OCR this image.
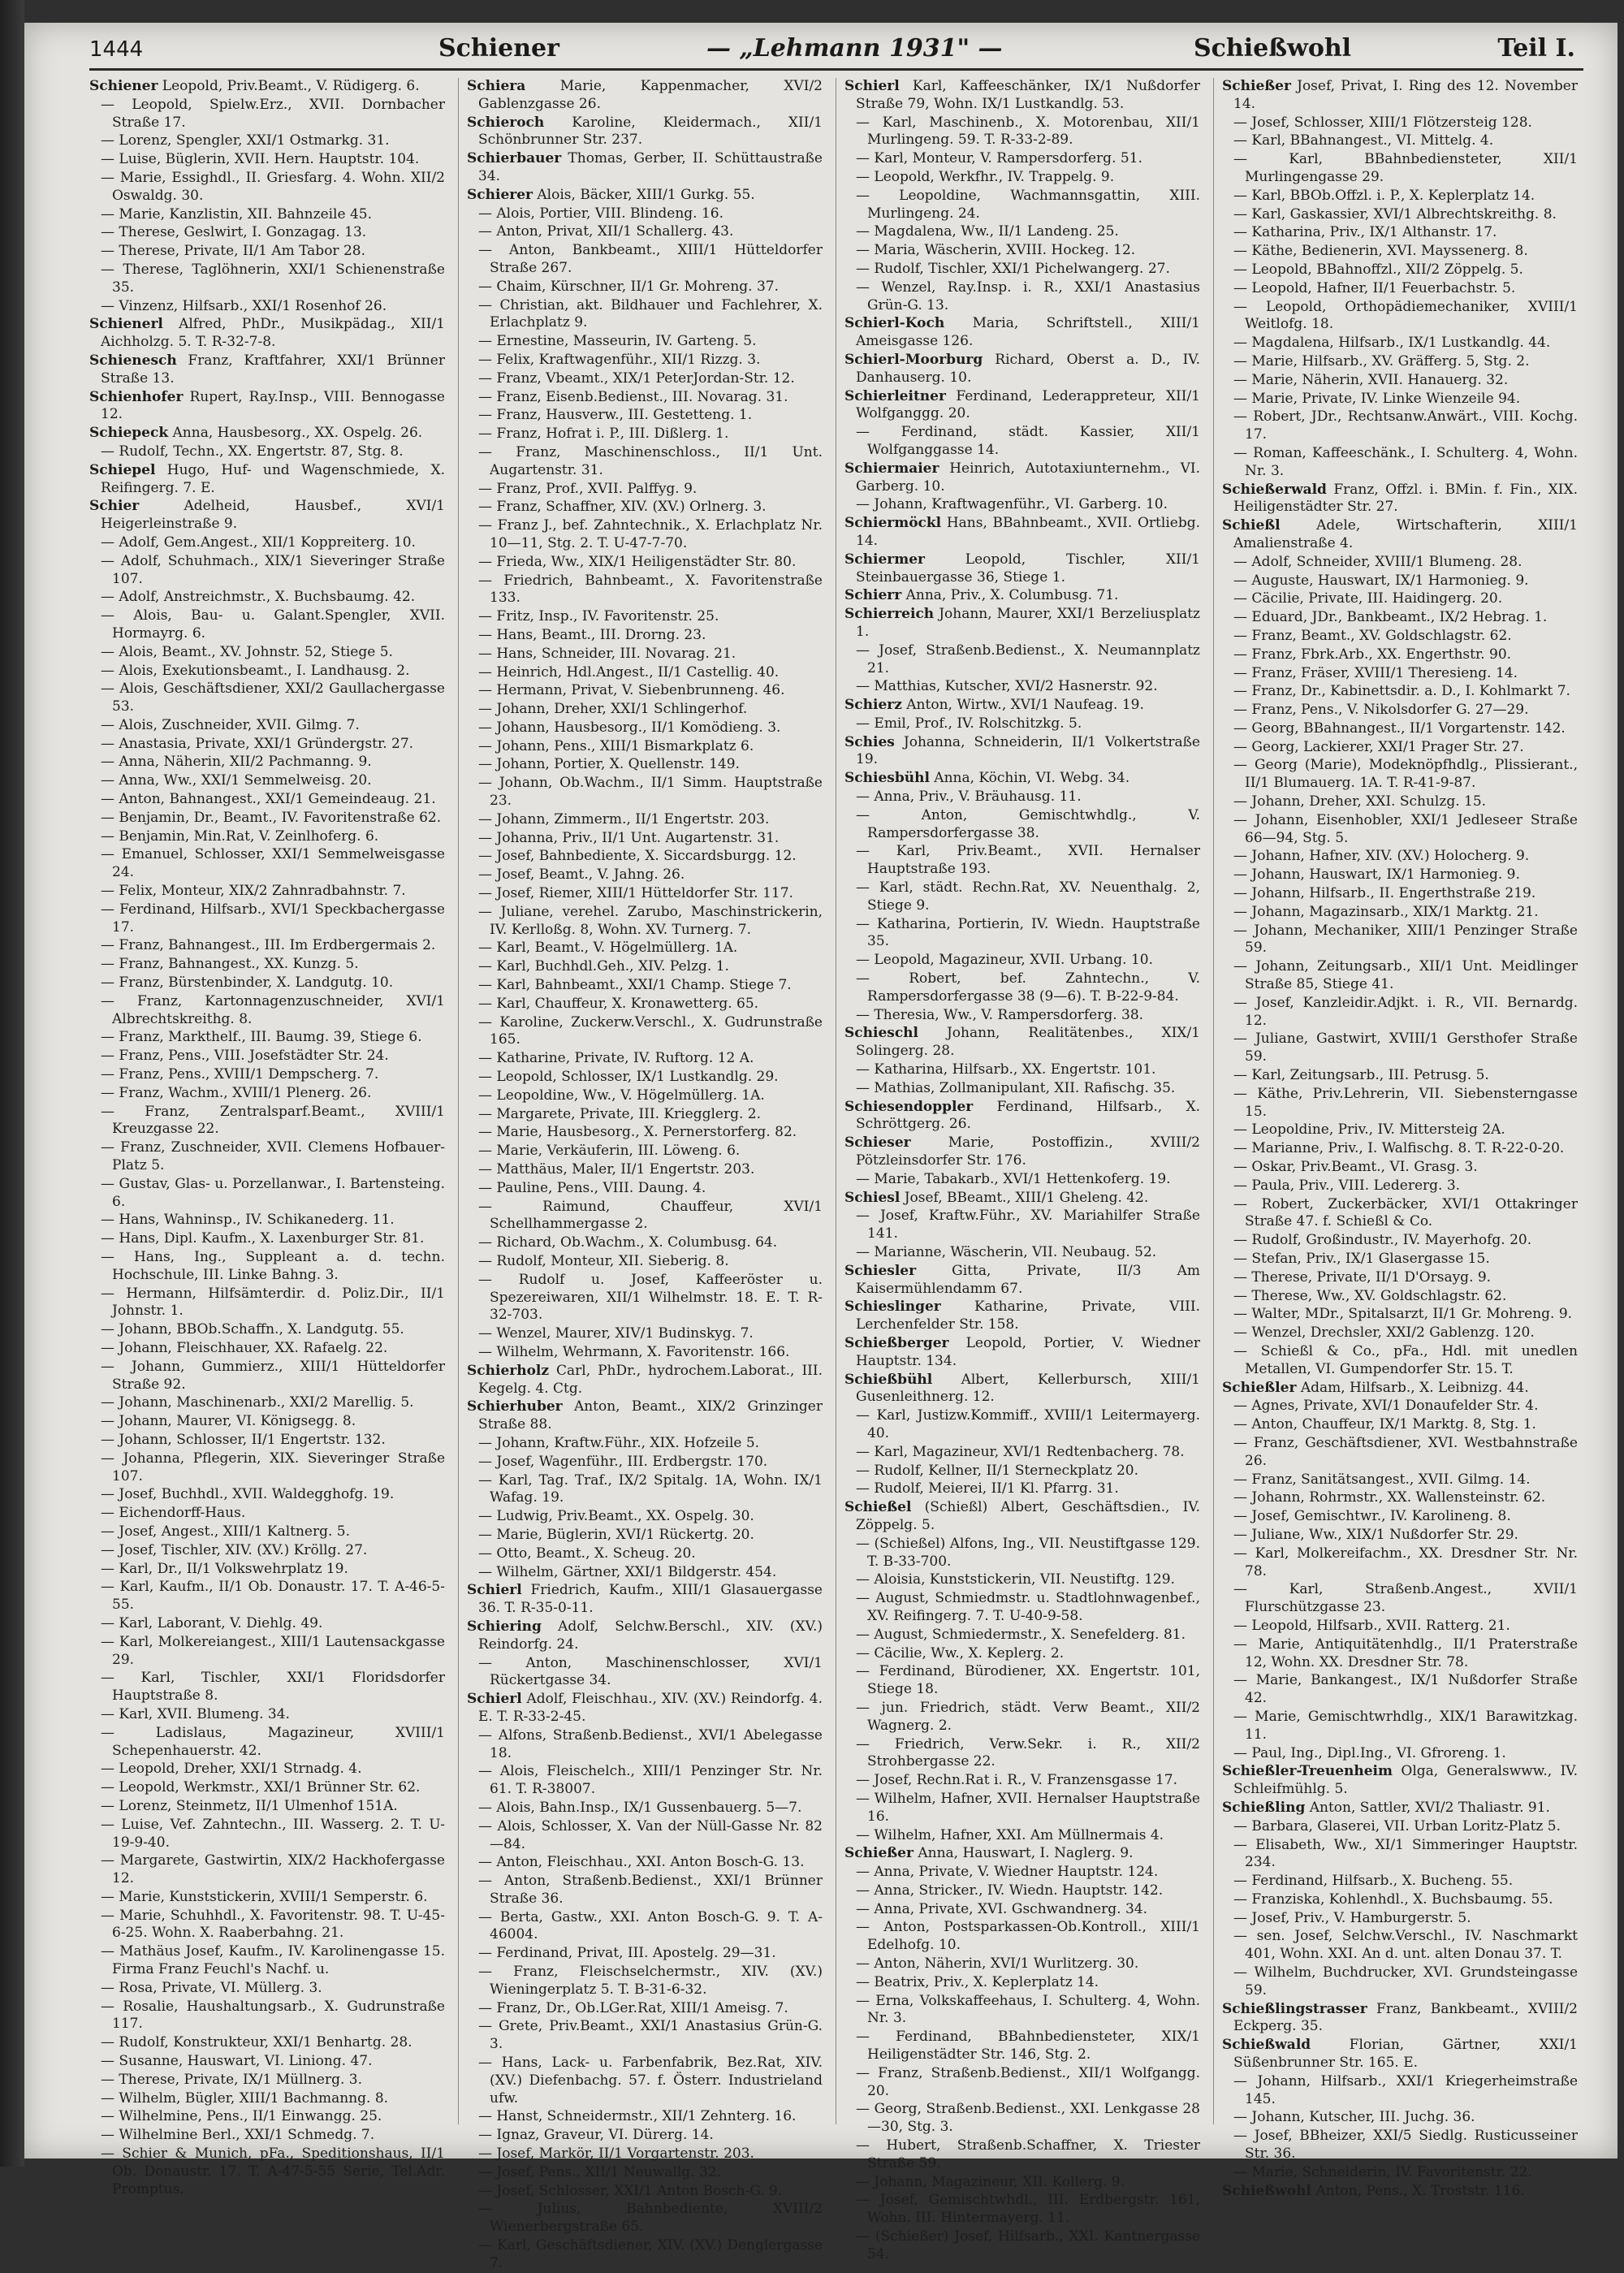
1444	Schiener	— „Lehmann 1931" —	Schießwohl	Teil I.
Schiener Leopold, Priv.Beamt., V. Rüdigerg. 6.
— Leopold, Spielw.Erz., XVII. Dornbacher Straße 17.
— Lorenz, Spengler, XXI/1 Ostmarkg. 31.
— Luise, Büglerin, XVII. Hern. Hauptstr. 104.
— Marie, Essighdl., II. Griesfarg. 4. Wohn. XII/2 Oswaldg. 30.
— Marie, Kanzlistin, XII. Bahnzeile 45.
— Therese, Geslwirt, I. Gonzagag. 13.
— Therese, Private, II/1 Am Tabor 28.
— Therese, Taglöhnerin, XXI/1 Schienenstraße 35.
— Vinzenz, Hilfsarb., XXI/1 Rosenhof 26.
Schienerl Alfred, PhDr., Musikpädag., XII/1 Aichholzg. 5. T. R-32-7-8.
Schienesch Franz, Kraftfahrer, XXI/1 Brünner Straße 13.
Schienhofer Rupert, Ray.Insp., VIII. Bennogasse 12.
Schiepeck Anna, Hausbesorg., XX. Ospelg. 26.
— Rudolf, Techn., XX. Engertstr. 87, Stg. 8.
Schiepel Hugo, Huf- und Wagenschmiede, X. Reifingerg. 7. E.
Schier Adelheid, Hausbef., XVI/1 Heigerleinstraße 9.
— Adolf, Gem.Angest., XII/1 Koppreiterg. 10.
— Adolf, Schuhmach., XIX/1 Sieveringer Straße 107.
— Adolf, Anstreichmstr., X. Buchsbaumg. 42.
— Alois, Bau- u. Galant.Spengler, XVII. Hormayrg. 6.
— Alois, Beamt., XV. Johnstr. 52, Stiege 5.
— Alois, Exekutionsbeamt., I. Landhausg. 2.
— Alois, Geschäftsdiener, XXI/2 Gaullachergasse 53.
— Alois, Zuschneider, XVII. Gilmg. 7.
— Anastasia, Private, XXI/1 Gründergstr. 27.
— Anna, Näherin, XII/2 Pachmanng. 9.
— Anna, Ww., XXI/1 Semmelweisg. 20.
— Anton, Bahnangest., XXI/1 Gemeindeaug. 21.
— Benjamin, Dr., Beamt., IV. Favoritenstraße 62.
— Benjamin, Min.Rat, V. Zeinlhoferg. 6.
— Emanuel, Schlosser, XXI/1 Semmelweisgasse 24.
— Felix, Monteur, XIX/2 Zahnradbahnstr. 7.
— Ferdinand, Hilfsarb., XVI/1 Speckbachergasse 17.
— Franz, Bahnangest., III. Im Erdbergermais 2.
— Franz, Bahnangest., XX. Kunzg. 5.
— Franz, Bürstenbinder, X. Landgutg. 10.
— Franz, Kartonnagenzuschneider, XVI/1 Albrechtskreithg. 8.
— Franz, Markthelf., III. Baumg. 39, Stiege 6.
— Franz, Pens., VIII. Josefstädter Str. 24.
— Franz, Pens., XVIII/1 Dempscherg. 7.
— Franz, Wachm., XVIII/1 Plenerg. 26.
— Franz, Zentralsparf.Beamt., XVIII/1 Kreuzgasse 22.
— Franz, Zuschneider, XVII. Clemens Hofbauer-Platz 5.
— Gustav, Glas- u. Porzellanwar., I. Bartensteing. 6.
— Hans, Wahninsp., IV. Schikanederg. 11.
— Hans, Dipl. Kaufm., X. Laxenburger Str. 81.
— Hans, Ing., Suppleant a. d. techn. Hochschule, III. Linke Bahng. 3.
— Hermann, Hilfsämterdir. d. Poliz.Dir., II/1 Johnstr. 1.
— Johann, BBOb.Schaffn., X. Landgutg. 55.
— Johann, Fleischhauer, XX. Rafaelg. 22.
— Johann, Gummierz., XIII/1 Hütteldorfer Straße 92.
— Johann, Maschinenarb., XXI/2 Marellig. 5.
— Johann, Maurer, VI. Königsegg. 8.
— Johann, Schlosser, II/1 Engertstr. 132.
— Johanna, Pflegerin, XIX. Sieveringer Straße 107.
— Josef, Buchhdl., XVII. Waldegghofg. 19.
— Eichendorff-Haus.
— Josef, Angest., XIII/1 Kaltnerg. 5.
— Josef, Tischler, XIV. (XV.) Kröllg. 27.
— Karl, Dr., II/1 Volkswehrplatz 19.
— Karl, Kaufm., II/1 Ob. Donaustr. 17. T. A-46-5-55.
— Karl, Laborant, V. Diehlg. 49.
— Karl, Molkereiangest., XIII/1 Lautensackgasse 29.
— Karl, Tischler, XXI/1 Floridsdorfer Hauptstraße 8.
— Karl, XVII. Blumeng. 34.
— Ladislaus, Magazineur, XVIII/1 Schepenhauerstr. 42.
— Leopold, Dreher, XXI/1 Strnadg. 4.
— Leopold, Werkmstr., XXI/1 Brünner Str. 62.
— Lorenz, Steinmetz, II/1 Ulmenhof 151A.
— Luise, Vef. Zahntechn., III. Wasserg. 2. T. U-19-9-40.
— Margarete, Gastwirtin, XIX/2 Hackhofergasse 12.
— Marie, Kunststickerin, XVIII/1 Semperstr. 6.
— Marie, Schuhhdl., X. Favoritenstr. 98. T. U-45-6-25. Wohn. X. Raaberbahng. 21.
— Mathäus Josef, Kaufm., IV. Karolinengasse 15. Firma Franz Feuchl's Nachf. u.
— Rosa, Private, VI. Müllerg. 3.
— Rosalie, Haushaltungsarb., X. Gudrunstraße 117.
— Rudolf, Konstrukteur, XXI/1 Benhartg. 28.
— Susanne, Hauswart, VI. Liniong. 47.
— Therese, Private, IX/1 Müllnerg. 3.
— Wilhelm, Bügler, XIII/1 Bachmanng. 8.
— Wilhelmine, Pens., II/1 Einwangg. 25.
— Wilhelmine Berl., XXI/1 Schmedg. 7.
— Schier & Munich, pFa., Speditionshaus, II/1 Ob. Donaustr. 17. T. A-47-5-55 Serie, Tel.Adr. Promptus.
Schiera Marie, Kappenmacher, XVI/2 Gablenzgasse 26.
Schieroch Karoline, Kleidermach., XII/1 Schönbrunner Str. 237.
Schierbauer Thomas, Gerber, II. Schüttaustraße 34.
Schierer Alois, Bäcker, XIII/1 Gurkg. 55.
— Alois, Portier, VIII. Blindeng. 16.
— Anton, Privat, XII/1 Schallerg. 43.
— Anton, Bankbeamt., XIII/1 Hütteldorfer Straße 267.
— Chaim, Kürschner, II/1 Gr. Mohreng. 37.
— Christian, akt. Bildhauer und Fachlehrer, X. Erlachplatz 9.
— Ernestine, Masseurin, IV. Garteng. 5.
— Felix, Kraftwagenführ., XII/1 Rizzg. 3.
— Franz, Vbeamt., XIX/1 PeterJordan-Str. 12.
— Franz, Eisenb.Bedienst., III. Novarag. 31.
— Franz, Hausverw., III. Gestetteng. 1.
— Franz, Hofrat i. P., III. Dißlerg. 1.
— Franz, Maschinenschloss., II/1 Unt. Augartenstr. 31.
— Franz, Prof., XVII. Palffyg. 9.
— Franz, Schaffner, XIV. (XV.) Orlnerg. 3.
— Franz J., bef. Zahntechnik., X. Erlachplatz Nr. 10—11, Stg. 2. T. U-47-7-70.
— Frieda, Ww., XIX/1 Heiligenstädter Str. 80.
— Friedrich, Bahnbeamt., X. Favoritenstraße 133.
— Fritz, Insp., IV. Favoritenstr. 25.
— Hans, Beamt., III. Drorng. 23.
— Hans, Schneider, III. Novarag. 21.
— Heinrich, Hdl.Angest., II/1 Castellig. 40.
— Hermann, Privat, V. Siebenbrunneng. 46.
— Johann, Dreher, XXI/1 Schlingerhof.
— Johann, Hausbesorg., II/1 Komödieng. 3.
— Johann, Pens., XIII/1 Bismarkplatz 6.
— Johann, Portier, X. Quellenstr. 149.
— Johann, Ob.Wachm., II/1 Simm. Hauptstraße 23.
— Johann, Zimmerm., II/1 Engertstr. 203.
— Johanna, Priv., II/1 Unt. Augartenstr. 31.
— Josef, Bahnbediente, X. Siccardsburgg. 12.
— Josef, Beamt., V. Jahng. 26.
— Josef, Riemer, XIII/1 Hütteldorfer Str. 117.
— Juliane, verehel. Zarubo, Maschinstrickerin, IV. Kerlloßg. 8, Wohn. XV. Turnerg. 7.
— Karl, Beamt., V. Högelmüllerg. 1A.
— Karl, Buchhdl.Geh., XIV. Pelzg. 1.
— Karl, Bahnbeamt., XXI/1 Champ. Stiege 7.
— Karl, Chauffeur, X. Kronawetterg. 65.
— Karoline, Zuckerw.Verschl., X. Gudrunstraße 165.
— Katharine, Private, IV. Ruftorg. 12 A.
— Leopold, Schlosser, IX/1 Lustkandlg. 29.
— Leopoldine, Ww., V. Högelmüllerg. 1A.
— Margarete, Private, III. Kriegglerg. 2.
— Marie, Hausbesorg., X. Pernerstorferg. 82.
— Marie, Verkäuferin, III. Löweng. 6.
— Matthäus, Maler, II/1 Engertstr. 203.
— Pauline, Pens., VIII. Daung. 4.
— Raimund, Chauffeur, XVI/1 Schellhammergasse 2.
— Richard, Ob.Wachm., X. Columbusg. 64.
— Rudolf, Monteur, XII. Sieberig. 8.
— Rudolf u. Josef, Kaffeeröster u. Spezereiwaren, XII/1 Wilhelmstr. 18. E. T. R-32-703.
— Wenzel, Maurer, XIV/1 Budinskyg. 7.
— Wilhelm, Wehrmann, X. Favoritenstr. 166.
Schierholz Carl, PhDr., hydrochem.Laborat., III. Kegelg. 4. Ctg.
Schierhuber Anton, Beamt., XIX/2 Grinzinger Straße 88.
— Johann, Kraftw.Führ., XIX. Hofzeile 5.
— Josef, Wagenführ., III. Erdbergstr. 170.
— Karl, Tag. Traf., IX/2 Spitalg. 1A, Wohn. IX/1 Wafag. 19.
— Ludwig, Priv.Beamt., XX. Ospelg. 30.
— Marie, Büglerin, XVI/1 Rückertg. 20.
— Otto, Beamt., X. Scheug. 20.
— Wilhelm, Gärtner, XXI/1 Bildgerstr. 454.
Schierl Friedrich, Kaufm., XIII/1 Glasauergasse 36. T. R-35-0-11.
Schiering Adolf, Selchw.Berschl., XIV. (XV.) Reindorfg. 24.
— Anton, Maschinenschlosser, XVI/1 Rückertgasse 34.
Schierl Adolf, Fleischhau., XIV. (XV.) Reindorfg. 4. E. T. R-33-2-45.
— Alfons, Straßenb.Bedienst., XVI/1 Abelegasse 18.
— Alois, Fleischelch., XIII/1 Penzinger Str. Nr. 61. T. R-38007.
— Alois, Bahn.Insp., IX/1 Gussenbauerg. 5—7.
— Alois, Schlosser, X. Van der Nüll-Gasse Nr. 82—84.
— Anton, Fleischhau., XXI. Anton Bosch-G. 13.
— Anton, Straßenb.Bedienst., XXI/1 Brünner Straße 36.
— Berta, Gastw., XXI. Anton Bosch-G. 9. T. A-46004.
— Ferdinand, Privat, III. Apostelg. 29—31.
— Franz, Fleischselchermstr., XIV. (XV.) Wieningerplatz 5. T. B-31-6-32.
— Franz, Dr., Ob.LGer.Rat, XIII/1 Ameisg. 7.
— Grete, Priv.Beamt., XXI/1 Anastasius Grün-G. 3.
— Hans, Lack- u. Farbenfabrik, Bez.Rat, XIV. (XV.) Diefenbachg. 57. f. Österr. Industrieland ufw.
— Hanst, Schneidermstr., XII/1 Zehnterg. 16.
— Ignaz, Graveur, VI. Dürerg. 14.
— Josef, Markör, II/1 Vorgartenstr. 203.
— Josef, Pens., XII/1 Neuwallg. 32.
— Josef, Schlosser, XXI/1 Anton Bosch-G. 9.
— Julius, Bahnbediente, XVIII/2 Wienerbergstraße 65.
— Karl, Geschäftsdiener, XIV. (XV.) Denglergasse 7.
Schierl Karl, Kaffeeschänker, IX/1 Nußdorfer Straße 79, Wohn. IX/1 Lustkandlg. 53.
— Karl, Maschinenb., X. Motorenbau, XII/1 Murlingeng. 59. T. R-33-2-89.
— Karl, Monteur, V. Rampersdorferg. 51.
— Leopold, Werkfhr., IV. Trappelg. 9.
— Leopoldine, Wachmannsgattin, XIII. Murlingeng. 24.
— Magdalena, Ww., II/1 Landeng. 25.
— Maria, Wäscherin, XVIII. Hockeg. 12.
— Rudolf, Tischler, XXI/1 Pichelwangerg. 27.
— Wenzel, Ray.Insp. i. R., XXI/1 Anastasius Grün-G. 13.
Schierl-Koch Maria, Schriftstell., XIII/1 Ameisgasse 126.
Schierl-Moorburg Richard, Oberst a. D., IV. Danhauserg. 10.
Schierleitner Ferdinand, Lederappreteur, XII/1 Wolfganggg. 20.
— Ferdinand, städt. Kassier, XII/1 Wolfganggasse 14.
Schiermaier Heinrich, Autotaxiunternehm., VI. Garberg. 10.
— Johann, Kraftwagenführ., VI. Garberg. 10.
Schiermöckl Hans, BBahnbeamt., XVII. Ortliebg. 14.
Schiermer Leopold, Tischler, XII/1 Steinbauergasse 36, Stiege 1.
Schierr Anna, Priv., X. Columbusg. 71.
Schierreich Johann, Maurer, XXI/1 Berzeliusplatz 1.
— Josef, Straßenb.Bedienst., X. Neumannplatz 21.
— Matthias, Kutscher, XVI/2 Hasnerstr. 92.
Schierz Anton, Wirtw., XVI/1 Naufeag. 19.
— Emil, Prof., IV. Rolschitzkg. 5.
Schies Johanna, Schneiderin, II/1 Volkertstraße 19.
Schiesbühl Anna, Köchin, VI. Webg. 34.
— Anna, Priv., V. Bräuhausg. 11.
— Anton, Gemischtwhdlg., V. Rampersdorfergasse 38.
— Karl, Priv.Beamt., XVII. Hernalser Hauptstraße 193.
— Karl, städt. Rechn.Rat, XV. Neuenthalg. 2, Stiege 9.
— Katharina, Portierin, IV. Wiedn. Hauptstraße 35.
— Leopold, Magazineur, XVII. Urbang. 10.
— Robert, bef. Zahntechn., V. Rampersdorfergasse 38 (9—6). T. B-22-9-84.
— Theresia, Ww., V. Rampersdorferg. 38.
Schieschl Johann, Realitätenbes., XIX/1 Solingerg. 28.
— Katharina, Hilfsarb., XX. Engertstr. 101.
— Mathias, Zollmanipulant, XII. Rafischg. 35.
Schiesendoppler Ferdinand, Hilfsarb., X. Schröttgerg. 26.
Schieser Marie, Postoffizin., XVIII/2 Pötzleinsdorfer Str. 176.
— Marie, Tabakarb., XVI/1 Hettenkoferg. 19.
Schiesl Josef, BBeamt., XIII/1 Gheleng. 42.
— Josef, Kraftw.Führ., XV. Mariahilfer Straße 141.
— Marianne, Wäscherin, VII. Neubaug. 52.
Schiesler Gitta, Private, II/3 Am Kaisermühlendamm 67.
Schieslinger Katharine, Private, VIII. Lerchenfelder Str. 158.
Schießberger Leopold, Portier, V. Wiedner Hauptstr. 134.
Schießbühl Albert, Kellerbursch, XIII/1 Gusenleithnerg. 12.
— Karl, Justizw.Kommiff., XVIII/1 Leitermayerg. 40.
— Karl, Magazineur, XVI/1 Redtenbacherg. 78.
— Rudolf, Kellner, II/1 Sterneckplatz 20.
— Rudolf, Meierei, II/1 Kl. Pfarrg. 31.
Schießel (Schießl) Albert, Geschäftsdien., IV. Zöppelg. 5.
— (Schießel) Alfons, Ing., VII. Neustiftgasse 129. T. B-33-700.
— Aloisia, Kunststickerin, VII. Neustiftg. 129.
— August, Schmiedmstr. u. Stadtlohnwagenbef., XV. Reifingerg. 7. T. U-40-9-58.
— August, Schmiedermstr., X. Senefelderg. 81.
— Cäcilie, Ww., X. Keplerg. 2.
— Ferdinand, Bürodiener, XX. Engertstr. 101, Stiege 18.
— jun. Friedrich, städt. Verw Beamt., XII/2 Wagnerg. 2.
— Friedrich, Verw.Sekr. i. R., XII/2 Strohbergasse 22.
— Josef, Rechn.Rat i. R., V. Franzensgasse 17.
— Wilhelm, Hafner, XVII. Hernalser Hauptstraße 16.
— Wilhelm, Hafner, XXI. Am Müllnermais 4.
Schießer Anna, Hauswart, I. Naglerg. 9.
— Anna, Private, V. Wiedner Hauptstr. 124.
— Anna, Stricker., IV. Wiedn. Hauptstr. 142.
— Anna, Private, XVI. Gschwandnerg. 34.
— Anton, Postsparkassen-Ob.Kontroll., XIII/1 Edelhofg. 10.
— Anton, Näherin, XVI/1 Wurlitzerg. 30.
— Beatrix, Priv., X. Keplerplatz 14.
— Erna, Volkskaffeehaus, I. Schulterg. 4, Wohn. Nr. 3.
— Ferdinand, BBahnbediensteter, XIX/1 Heiligenstädter Str. 146, Stg. 2.
— Franz, Straßenb.Bedienst., XII/1 Wolfgangg. 20.
— Georg, Straßenb.Bedienst., XXI. Lenkgasse 28—30, Stg. 3.
— Hubert, Straßenb.Schaffner, X. Triester Straße 59.
— Johann, Magazineur, XII. Kollerg. 9.
— Josef, Gemischtwhdl., III. Erdbergstr. 161, Wohn. III. Hintermayerg. 11.
— (Schießer) Josef, Hilfsarb., XXI. Kantnergasse 54.
Schießer Josef, Privat, I. Ring des 12. November 14.
— Josef, Schlosser, XIII/1 Flötzersteig 128.
— Karl, BBahnangest., VI. Mittelg. 4.
— Karl, BBahnbediensteter, XII/1 Murlingengasse 29.
— Karl, BBOb.Offzl. i. P., X. Keplerplatz 14.
— Karl, Gaskassier, XVI/1 Albrechtskreithg. 8.
— Katharina, Priv., IX/1 Althanstr. 17.
— Käthe, Bedienerin, XVI. Mayssenerg. 8.
— Leopold, BBahnoffzl., XII/2 Zöppelg. 5.
— Leopold, Hafner, II/1 Feuerbachstr. 5.
— Leopold, Orthopädiemechaniker, XVIII/1 Weitlofg. 18.
— Magdalena, Hilfsarb., IX/1 Lustkandlg. 44.
— Marie, Hilfsarb., XV. Gräfferg. 5, Stg. 2.
— Marie, Näherin, XVII. Hanauerg. 32.
— Marie, Private, IV. Linke Wienzeile 94.
— Robert, JDr., Rechtsanw.Anwärt., VIII. Kochg. 17.
— Roman, Kaffeeschänk., I. Schulterg. 4, Wohn. Nr. 3.
Schießerwald Franz, Offzl. i. BMin. f. Fin., XIX. Heiligenstädter Str. 27.
Schießl Adele, Wirtschafterin, XIII/1 Amalienstraße 4.
— Adolf, Schneider, XVIII/1 Blumeng. 28.
— Auguste, Hauswart, IX/1 Harmonieg. 9.
— Cäcilie, Private, III. Haidingerg. 20.
— Eduard, JDr., Bankbeamt., IX/2 Hebrag. 1.
— Franz, Beamt., XV. Goldschlagstr. 62.
— Franz, Fbrk.Arb., XX. Engerthstr. 90.
— Franz, Fräser, XVIII/1 Theresieng. 14.
— Franz, Dr., Kabinettsdir. a. D., I. Kohlmarkt 7.
— Franz, Pens., V. Nikolsdorfer G. 27—29.
— Georg, BBahnangest., II/1 Vorgartenstr. 142.
— Georg, Lackierer, XXI/1 Prager Str. 27.
— Georg (Marie), Modeknöpfhdlg., Plissierant., II/1 Blumauerg. 1A. T. R-41-9-87.
— Johann, Dreher, XXI. Schulzg. 15.
— Johann, Eisenhobler, XXI/1 Jedleseer Straße 66—94, Stg. 5.
— Johann, Hafner, XIV. (XV.) Holocherg. 9.
— Johann, Hauswart, IX/1 Harmonieg. 9.
— Johann, Hilfsarb., II. Engerthstraße 219.
— Johann, Magazinsarb., XIX/1 Marktg. 21.
— Johann, Mechaniker, XIII/1 Penzinger Straße 59.
— Johann, Zeitungsarb., XII/1 Unt. Meidlinger Straße 85, Stiege 41.
— Josef, Kanzleidir.Adjkt. i. R., VII. Bernardg. 12.
— Juliane, Gastwirt, XVIII/1 Gersthofer Straße 59.
— Karl, Zeitungsarb., III. Petrusg. 5.
— Käthe, Priv.Lehrerin, VII. Siebensterngasse 15.
— Leopoldine, Priv., IV. Mittersteig 2A.
— Marianne, Priv., I. Walfischg. 8. T. R-22-0-20.
— Oskar, Priv.Beamt., VI. Grasg. 3.
— Paula, Priv., VIII. Ledererg. 3.
— Robert, Zuckerbäcker, XVI/1 Ottakringer Straße 47. f. Schießl & Co.
— Rudolf, Großindustr., IV. Mayerhofg. 20.
— Stefan, Priv., IX/1 Glasergasse 15.
— Therese, Private, II/1 D'Orsayg. 9.
— Therese, Ww., XV. Goldschlagstr. 62.
— Walter, MDr., Spitalsarzt, II/1 Gr. Mohreng. 9.
— Wenzel, Drechsler, XXI/2 Gablenzg. 120.
— Schießl & Co., pFa., Hdl. mit unedlen Metallen, VI. Gumpendorfer Str. 15. T.
Schießler Adam, Hilfsarb., X. Leibnizg. 44.
— Agnes, Private, XVI/1 Donaufelder Str. 4.
— Anton, Chauffeur, IX/1 Marktg. 8, Stg. 1.
— Franz, Geschäftsdiener, XVI. Westbahnstraße 26.
— Franz, Sanitätsangest., XVII. Gilmg. 14.
— Johann, Rohrmstr., XX. Wallensteinstr. 62.
— Josef, Gemischtwr., IV. Karolineng. 8.
— Juliane, Ww., XIX/1 Nußdorfer Str. 29.
— Karl, Molkereifachm., XX. Dresdner Str. Nr. 78.
— Karl, Straßenb.Angest., XVII/1 Flurschützgasse 23.
— Leopold, Hilfsarb., XVII. Ratterg. 21.
— Marie, Antiquitätenhdlg., II/1 Praterstraße 12, Wohn. XX. Dresdner Str. 78.
— Marie, Bankangest., IX/1 Nußdorfer Straße 42.
— Marie, Gemischtwrhdlg., XIX/1 Barawitzkag. 11.
— Paul, Ing., Dipl.Ing., VI. Gfroreng. 1.
Schießler-Treuenheim Olga, Generalswww., IV. Schleifmühlg. 5.
Schießling Anton, Sattler, XVI/2 Thaliastr. 91.
— Barbara, Glaserei, VII. Urban Loritz-Platz 5.
— Elisabeth, Ww., XI/1 Simmeringer Hauptstr. 234.
— Ferdinand, Hilfsarb., X. Bucheng. 55.
— Franziska, Kohlenhdl., X. Buchsbaumg. 55.
— Josef, Priv., V. Hamburgerstr. 5.
— sen. Josef, Selchw.Verschl., IV. Naschmarkt 401, Wohn. XXI. An d. unt. alten Donau 37. T.
— Wilhelm, Buchdrucker, XVI. Grundsteingasse 59.
Schießlingstrasser Franz, Bankbeamt., XVIII/2 Eckperg. 35.
Schießwald Florian, Gärtner, XXI/1 Süßenbrunner Str. 165. E.
— Johann, Hilfsarb., XXI/1 Kriegerheimstraße 145.
— Johann, Kutscher, III. Juchg. 36.
— Josef, BBheizer, XXI/5 Siedlg. Rusticusseiner Str. 36.
— Marie, Schneiderin, IV. Favoritenstr. 22.
Schießwohl Anton, Pens., X. Troststr. 116.
